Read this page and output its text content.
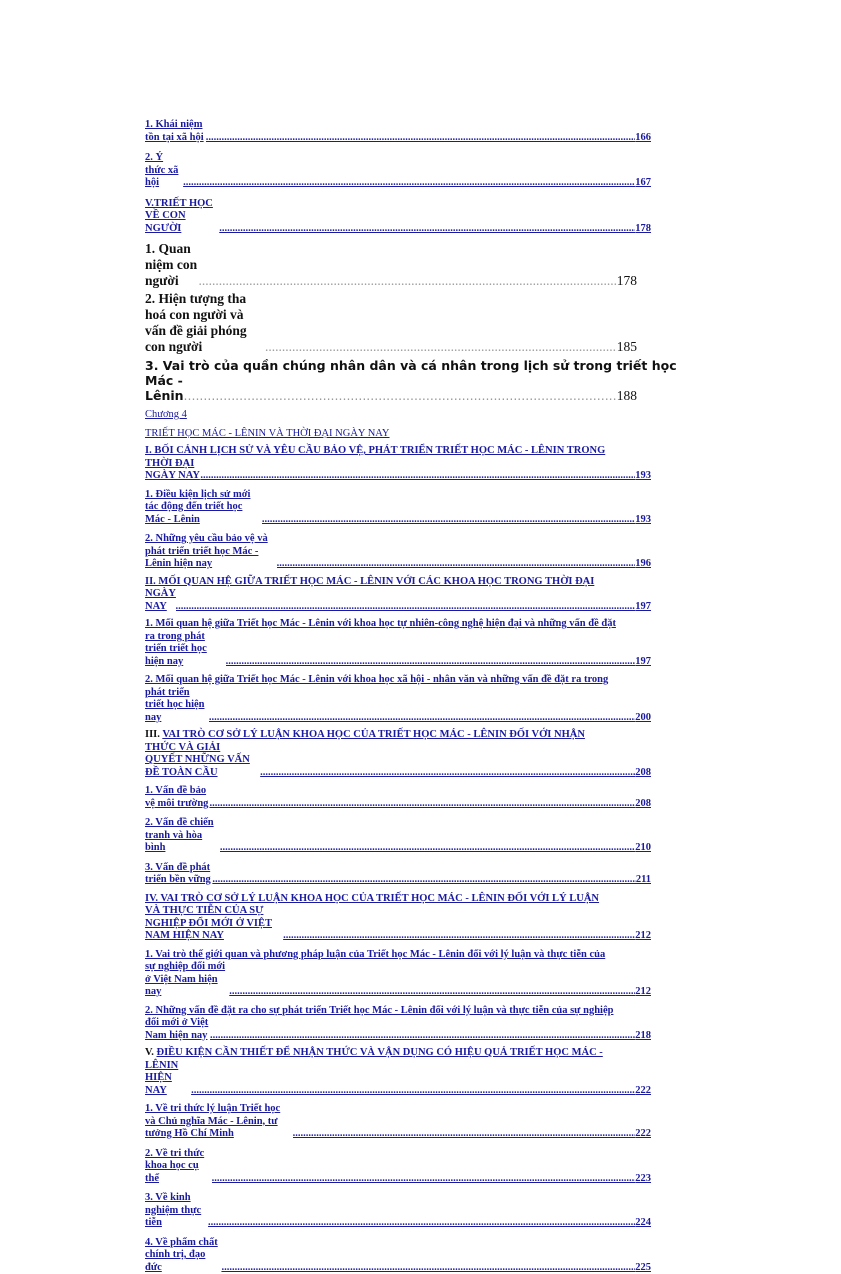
1. Khái niệm tồn tại xã hội .....	166
2. Ý thức xã hội .....	167
V.TRIẾT HỌC VỀ CON NGƯỜI .....	178
1. Quan niệm con người .....	178
2. Hiện tượng tha hoá con người và vấn đề giải phóng con người .....	185
3. Vai trò của quần chúng nhân dân và cá nhân trong lịch sử trong triết học Mác -
Lênin .....	188
Chương 4
TRIẾT HỌC MÁC - LÊNIN VÀ THỜI ĐẠI NGÀY NAY
I. BỐI CẢNH LỊCH SỬ VÀ YÊU CẦU BẢO VỆ, PHÁT TRIỂN TRIẾT HỌC MÁC - LÊNIN TRONG
THỜI ĐẠI NGÀY NAY .....	193
1. Điều kiện lịch sử mới tác động đến triết học Mác - Lênin .....	193
2. Những yêu cầu bảo vệ và phát triển triết học Mác - Lênin hiện nay .....	196
II. MỐI QUAN HỆ GIỮA TRIẾT HỌC MÁC - LÊNIN VỚI CÁC KHOA HỌC TRONG THỜI ĐẠI
NGÀY NAY .....	197
1. Mối quan hệ giữa Triết học Mác - Lênin với khoa học tự nhiên-công nghệ hiện đại và những vấn đề đặt
ra trong phát triển triết học hiện nay .....	197
2. Mối quan hệ giữa Triết học Mác - Lênin với khoa học xã hội - nhân văn và những vấn đề đặt ra trong
phát triển triết học hiện nay .....	200
III. VAI TRÒ CƠ SỞ LÝ LUẬN KHOA HỌC CỦA TRIẾT HỌC MÁC - LÊNIN ĐỐI VỚI NHẬN
THỨC VÀ GIẢI QUYẾT NHỮNG VẤN ĐỀ TOÀN CẦU .....	208
1. Vấn đề bảo vệ môi trường .....	208
2. Vấn đề chiến tranh và hòa bình .....	210
3. Vấn đề phát triển bền vững .....	211
IV. VAI TRÒ CƠ SỞ LÝ LUẬN KHOA HỌC CỦA TRIẾT HỌC MÁC - LÊNIN ĐỐI VỚI LÝ LUẬN
VÀ THỰC TIỄN CỦA SỰ NGHIỆP ĐỔI MỚI Ở VIỆT NAM HIỆN NAY .....	212
1. Vai trò thế giới quan và phương pháp luận của Triết học Mác - Lênin đối với lý luận và thực tiễn của
sự nghiệp đổi mới ở Việt Nam hiện nay .....	212
2. Những vấn đề đặt ra cho sự phát triển Triết học Mác - Lênin đối với lý luận và thực tiễn của sự nghiệp
đổi mới ở Việt Nam hiện nay .....	218
V. ĐIỀU KIỆN CẦN THIẾT ĐỂ NHẬN THỨC VÀ VẬN DỤNG CÓ HIỆU QUẢ TRIẾT HỌC MÁC -
LÊNIN HIỆN NAY .....	222
1. Về tri thức lý luận Triết học và Chủ nghĩa Mác - Lênin, tư tưởng Hồ Chí Minh .....	222
2. Về tri thức khoa học cụ thể .....	223
3. Về kinh nghiệm thực tiễn .....	224
4. Về phẩm chất chính trị, đạo đức .....	225
